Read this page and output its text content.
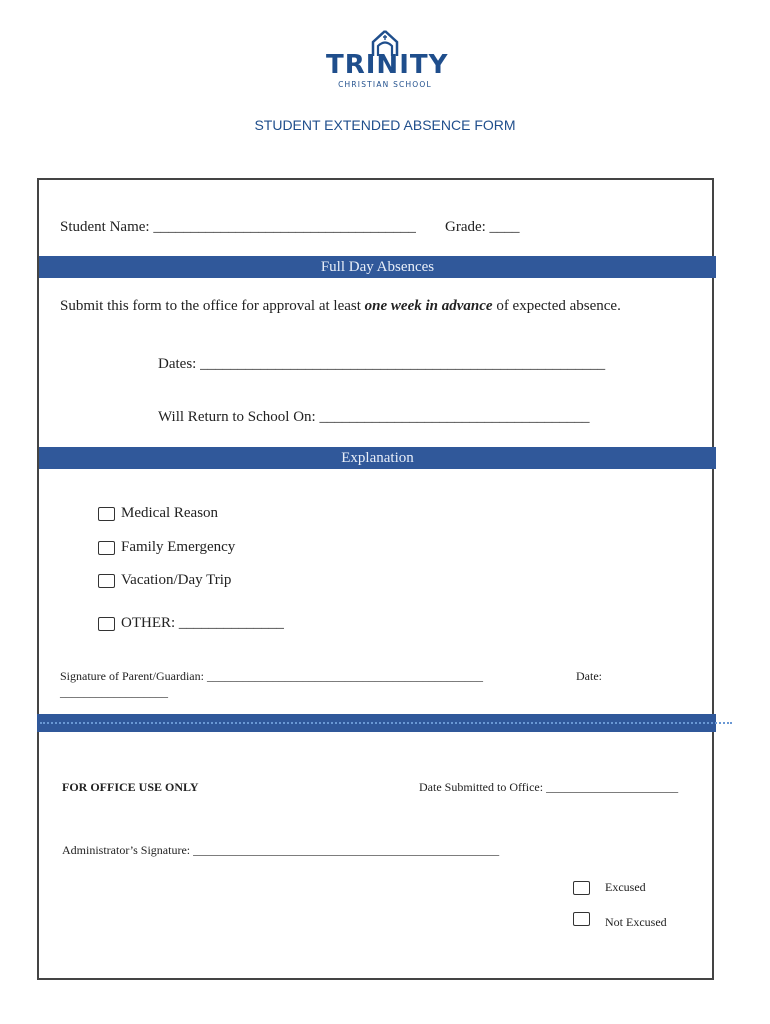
TRINITY
CHRISTIAN SCHOOL
STUDENT EXTENDED ABSENCE FORM
Student Name: ___________________________________ Grade: ____
Full Day Absences
Submit this form to the office for approval at least one week in advance of expected absence.
Dates: ______________________________________________________
Will Return to School On: ____________________________________
Explanation
Medical Reason
Family Emergency
Vacation/Day Trip
OTHER: ______________
Signature of Parent/Guardian: ______________________________________________	Date:
__________________
FOR OFFICE USE ONLY	Date Submitted to Office: ______________________
Administrator’s Signature: ___________________________________________________
Excused
Not Excused
